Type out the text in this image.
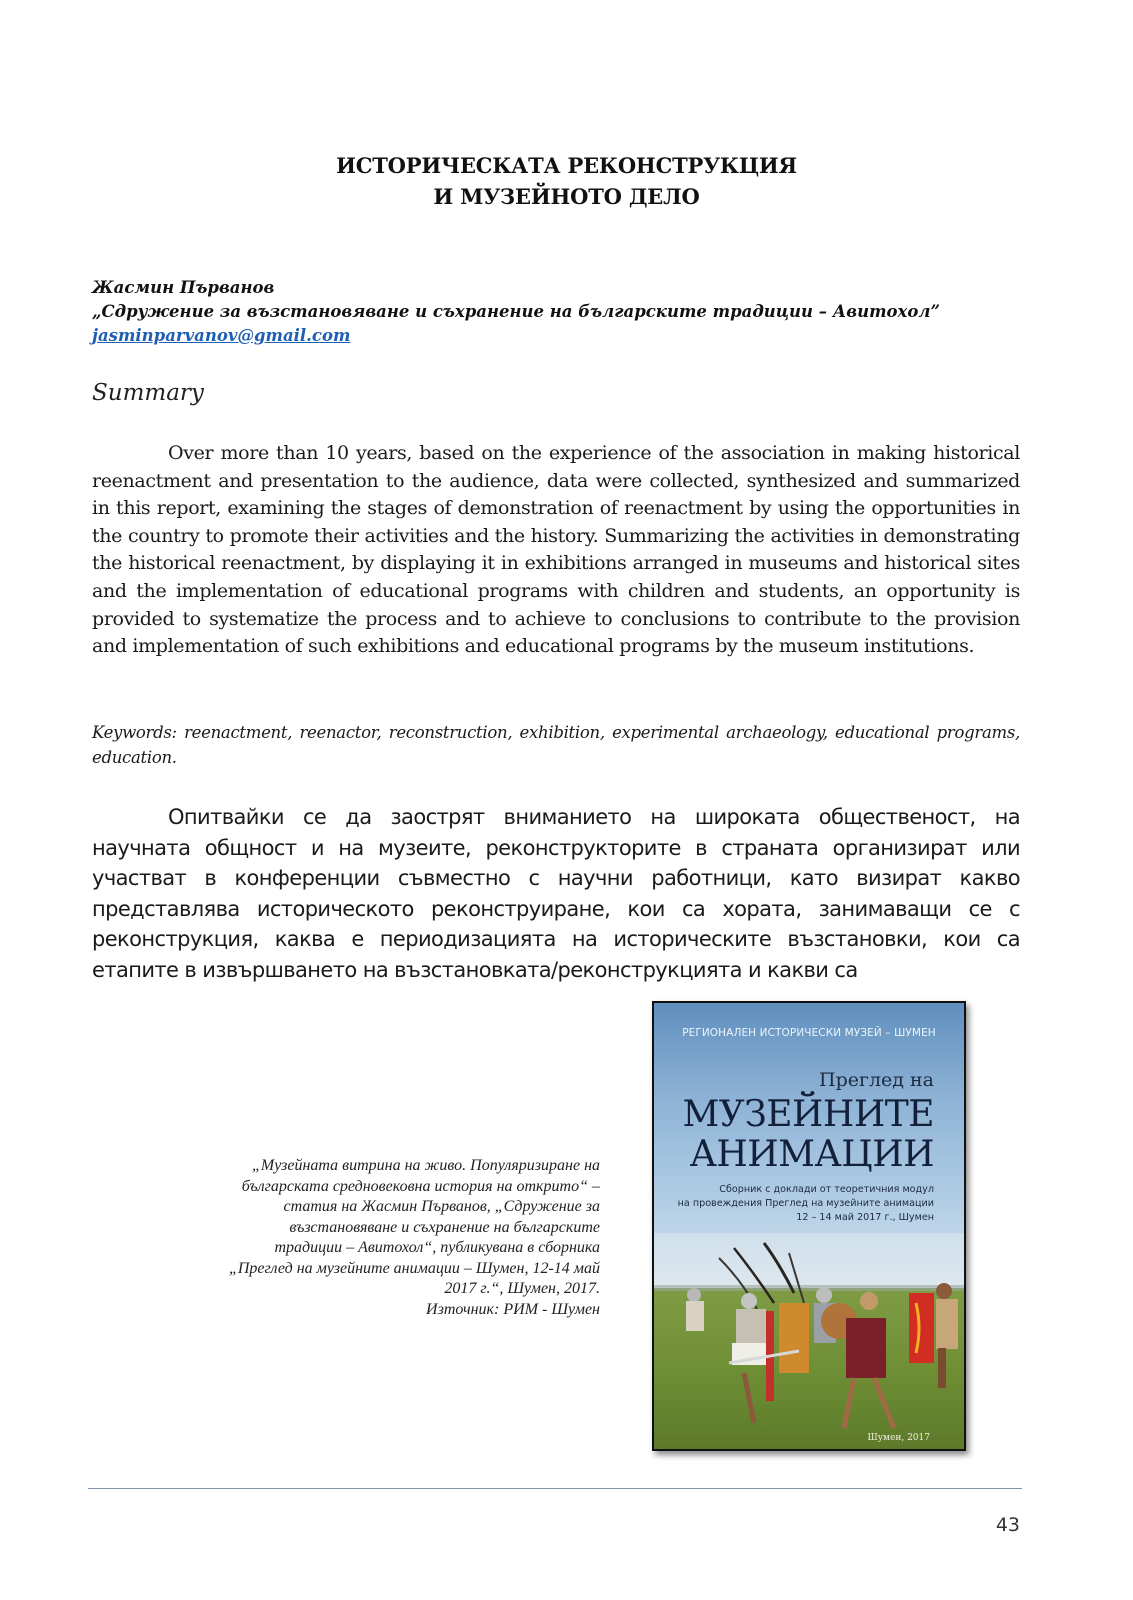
ИСТОРИЧЕСКАТА РЕКОНСТРУКЦИЯ
И МУЗЕЙНОТО ДЕЛО
Жасмин Първанов
„Сдружение за възстановяване и съхранение на българските традиции – Авитохол”
jasminparvanov@gmail.com
Summary
Over more than 10 years, based on the experience of the association in making historical reenactment and presentation to the audience, data were collected, synthesized and summarized in this report, examining the stages of demonstration of reenactment by using the opportunities in the country to promote their activities and the history. Summarizing the activities in demonstrating the historical reenactment, by displaying it in exhibitions arranged in museums and historical sites and the implementation of educational programs with children and students, an opportunity is provided to systematize the process and to achieve to conclusions to contribute to the provision and implementation of such exhibitions and educational programs by the museum institutions.
Keywords: reenactment, reenactor, reconstruction, exhibition, experimental archaeology, educational programs, education.
Опитвайки се да заострят вниманието на широката общественост, на научната общност и на музеите, реконструкторите в страната организират или участват в конференции съвместно с научни работници, като визират какво представлява историческото реконструиране, кои са хората, занимаващи се с реконструкция, каква е периодизацията на историческите възстановки, кои са етапите в извършването на възстановката/реконструкцията и какви са
„Музейната витрина на живо. Популяризиране на
българската средновековна история на открито“ –
статия на Жасмин Първанов, „Сдружение за
възстановяване и съхранение на българските
традиции – Авитохол“, публикувана в сборника
„Преглед на музейните анимации – Шумен, 12-14 май
2017 г.“, Шумен, 2017.
Източник: РИМ - Шумен
РЕГИОНАЛЕН ИСТОРИЧЕСКИ МУЗЕЙ – ШУМЕН
Преглед на
МУЗЕЙНИТЕ
АНИМАЦИИ
Сборник с доклади от теоретичния модул
на провеждения Преглед на музейните анимации
12 – 14 май 2017 г., Шумен
Шумен, 2017
43
